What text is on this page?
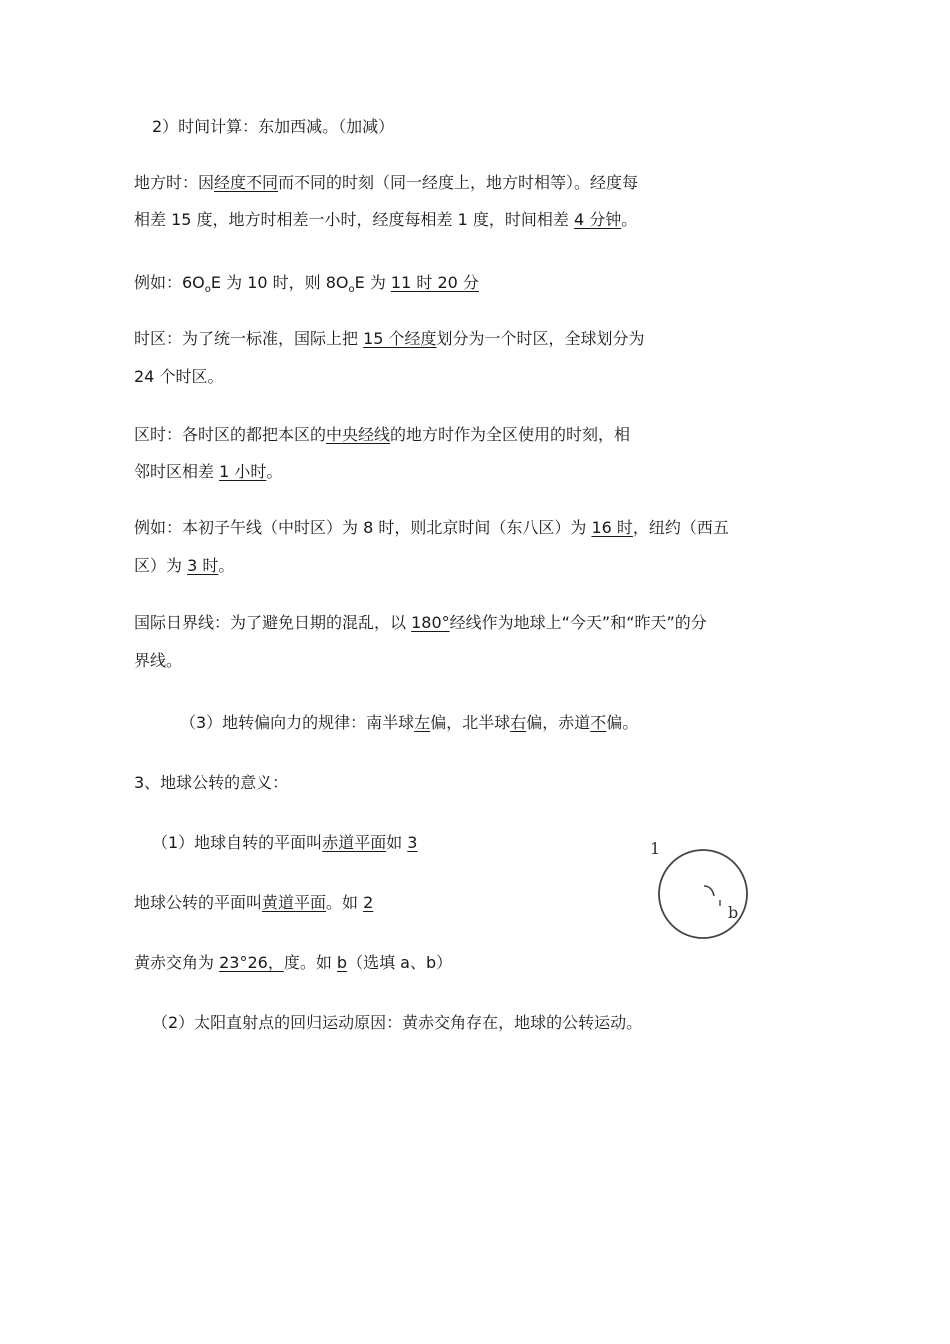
2）时间计算：东加西减。（加减）
地方时：因经度不同而不同的时刻（同一经度上，地方时相等）。经度每
相差 15 度，地方时相差一小时，经度每相差 1 度，时间相差 4 分钟。
例如：$6O_oE$ 为 10 时，则 $8O_oE$ 为 11 时 20 分
时区：为了统一标准，国际上把 15 个经度划分为一个时区，全球划分为
24 个时区。
区时：各时区的都把本区的中央经线的地方时作为全区使用的时刻，相
邻时区相差 1 小时。
例如：本初子午线（中时区）为 8 时，则北京时间（东八区）为 16 时，纽约（西五
区）为 3 时。
国际日界线：为了避免日期的混乱，以 180°经线作为地球上“今天”和“昨天”的分
界线。
（3）地转偏向力的规律：南半球左偏，北半球右偏，赤道不偏。
3、地球公转的意义：
（1）地球自转的平面叫赤道平面如 3
地球公转的平面叫黄道平面。如 2
黄赤交角为 23°26，度。如 b（选填 a、b）
（2）太阳直射点的回归运动原因：黄赤交角存在，地球的公转运动。
1
b
